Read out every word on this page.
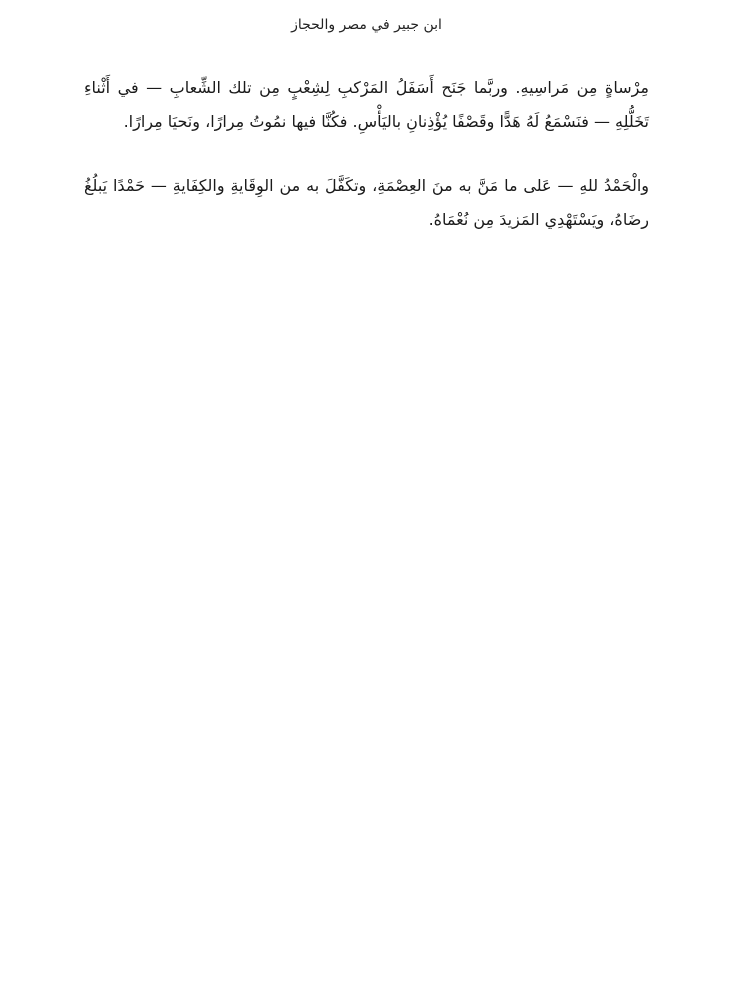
ابن جبير في مصر والحجاز

مِرْساةٍ مِن مَراسِيهِ. وربَّما جَنَح أَسَفَلُ المَرْكبِ لِشِعْبٍ مِن تلك الشِّعابِ — في أَثْناءِ تَخَلُّلِهِ — فنَسْمَعُ لَهُ هَدًّا وقَصْفًا يُؤْذِنانِ باليَأْسِ. فكُنَّا فيها نمُوتُ مِرارًا، ونَحيَا مِرارًا.

والْحَمْدُ للهِ — عَلى ما مَنَّ به منَ العِصْمَةِ، وتكَفَّلَ به من الوِقَايةِ والكِفَايةِ — حَمْدًا يَبلُغُ رضَاهُ، ويَسْتَهْدِي المَزيدَ مِن نُعْمَاهُ.
